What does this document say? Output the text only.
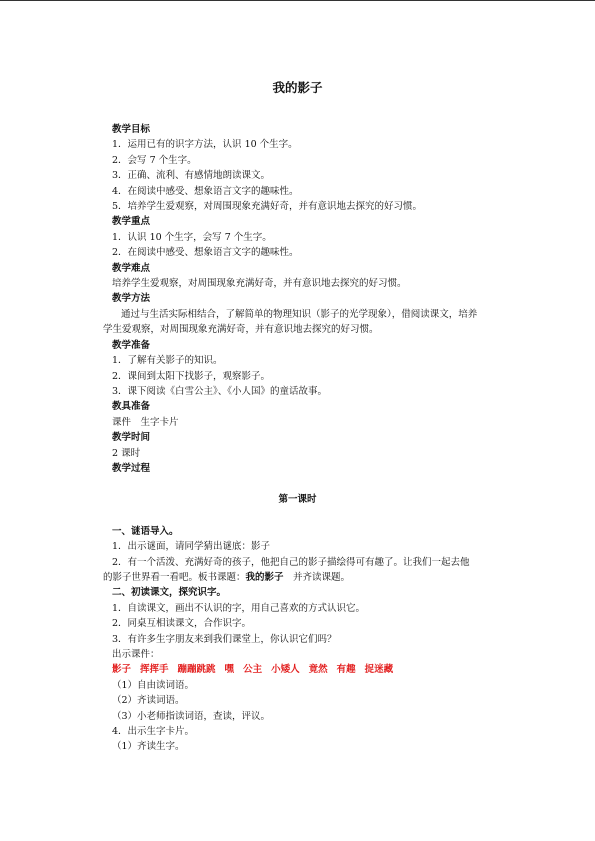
我的影子
教学目标
1．运用已有的识字方法，认识 10 个生字。
2．会写 7 个生字。
3．正确、流利、有感情地朗读课文。
4．在阅读中感受、想象语言文字的趣味性。
5．培养学生爱观察，对周围现象充满好奇，并有意识地去探究的好习惯。
教学重点
1．认识 10 个生字，会写 7 个生字。
2．在阅读中感受、想象语言文字的趣味性。
教学难点
培养学生爱观察，对周围现象充满好奇，并有意识地去探究的好习惯。
教学方法
通过与生活实际相结合，了解简单的物理知识（影子的光学现象），借阅读课文，培养
学生爱观察，对周围现象充满好奇，并有意识地去探究的好习惯。
教学准备
1．了解有关影子的知识。
2．课间到太阳下找影子，观察影子。
3．课下阅读《白雪公主》、《小人国》的童话故事。
教具准备
课件　生字卡片
教学时间
2 课时
教学过程
第一课时
一、谜语导入。
1．出示谜面，请同学猜出谜底：影子
2．有一个活泼、充满好奇的孩子，他把自己的影子描绘得可有趣了。让我们一起去他
的影子世界看一看吧。板书课题：我的影子　并齐读课题。
二、初读课文，探究识字。
1．自读课文，画出不认识的字，用自己喜欢的方式认识它。
2．同桌互相读课文，合作识字。
3．有许多生字朋友来到我们课堂上，你认识它们吗？
出示课件：
影子 挥挥手 蹦蹦跳跳 嘿 公主 小矮人 竟然 有趣 捉迷藏
（1）自由读词语。
（2）齐读词语。
（3）小老师指读词语，查读，评议。
4．出示生字卡片。
（1）齐读生字。
